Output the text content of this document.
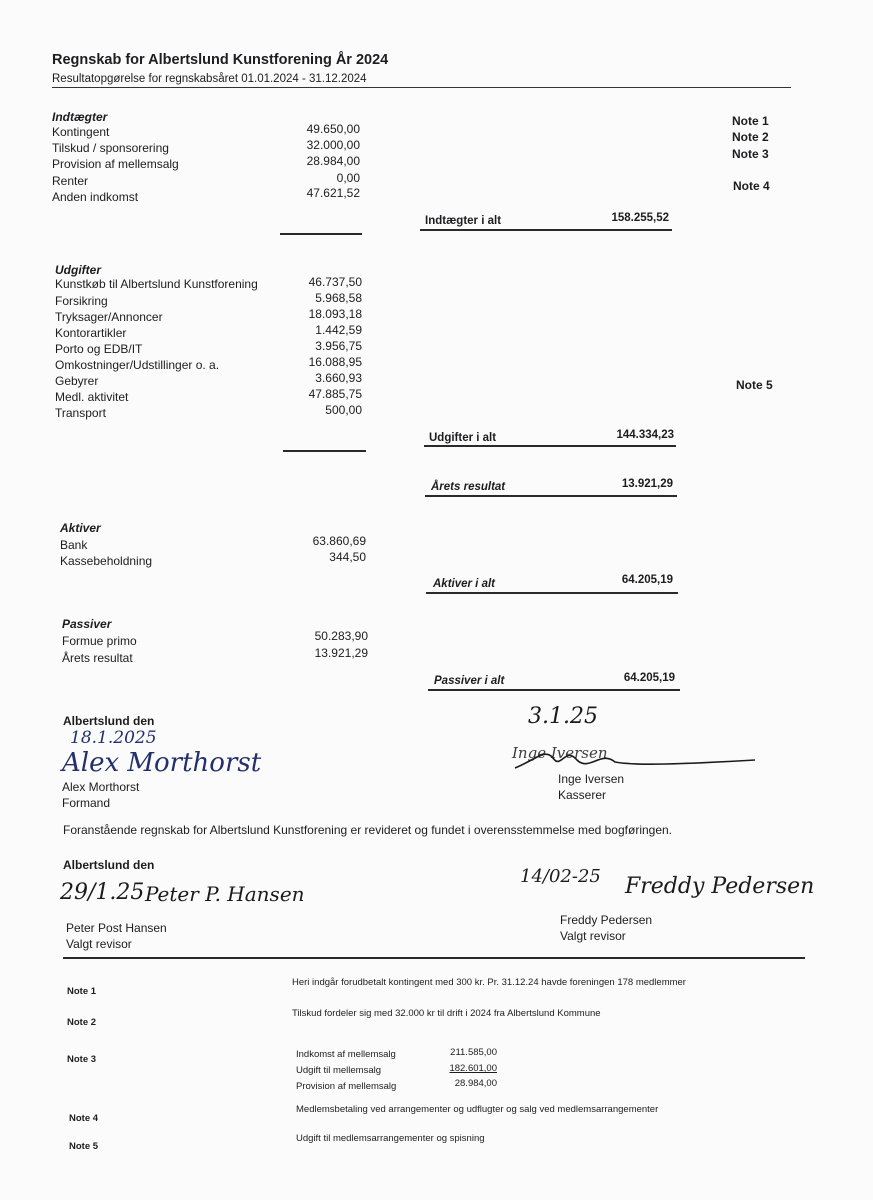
Regnskab for Albertslund Kunstforening År 2024
Resultatopgørelse for regnskabsåret 01.01.2024 - 31.12.2024
Indtægter
Kontingent	49.650,00
Tilskud / sponsorering	32.000,00
Provision af mellemsalg	28.984,00
Renter	0,00
Anden indkomst	47.621,52
Note 1
Note 2
Note 3
Note 4
Indtægter i alt	158.255,52
Udgifter
Kunstkøb til Albertslund Kunstforening	46.737,50
Forsikring	5.968,58
Tryksager/Annoncer	18.093,18
Kontorartikler	1.442,59
Porto og EDB/IT	3.956,75
Omkostninger/Udstillinger o. a.	16.088,95
Gebyrer	3.660,93
Medl. aktivitet	47.885,75
Transport	500,00
Note 5
Udgifter i alt	144.334,23
Årets resultat	13.921,29
Aktiver
Bank	63.860,69
Kassebeholdning	344,50
Aktiver i alt	64.205,19
Passiver
Formue primo	50.283,90
Årets resultat	13.921,29
Passiver i alt	64.205,19
Albertslund den
18.1.2025
Alex Morthorst
Alex Morthorst
Formand
3.1.25
Inge Iversen
Inge Iversen
Kasserer
Foranstående regnskab for Albertslund Kunstforening er revideret og fundet i overensstemmelse med bogføringen.
Albertslund den
29/1.25 Peter P. Hansen
Peter Post Hansen
Valgt revisor
14/02-25 Freddy Pedersen
Freddy Pedersen
Valgt revisor
Note 1
Heri indgår forudbetalt kontingent med 300 kr. Pr. 31.12.24 havde foreningen 178 medlemmer
Note 2
Tilskud fordeler sig med 32.000 kr til drift i 2024 fra Albertslund Kommune
Note 3	Indkomst af mellemsalg	211.585,00
Udgift til mellemsalg	182.601,00
Provision af mellemsalg	28.984,00
Note 4
Medlemsbetaling ved arrangementer og udflugter og salg ved medlemsarrangementer
Note 5
Udgift til medlemsarrangementer og spisning
